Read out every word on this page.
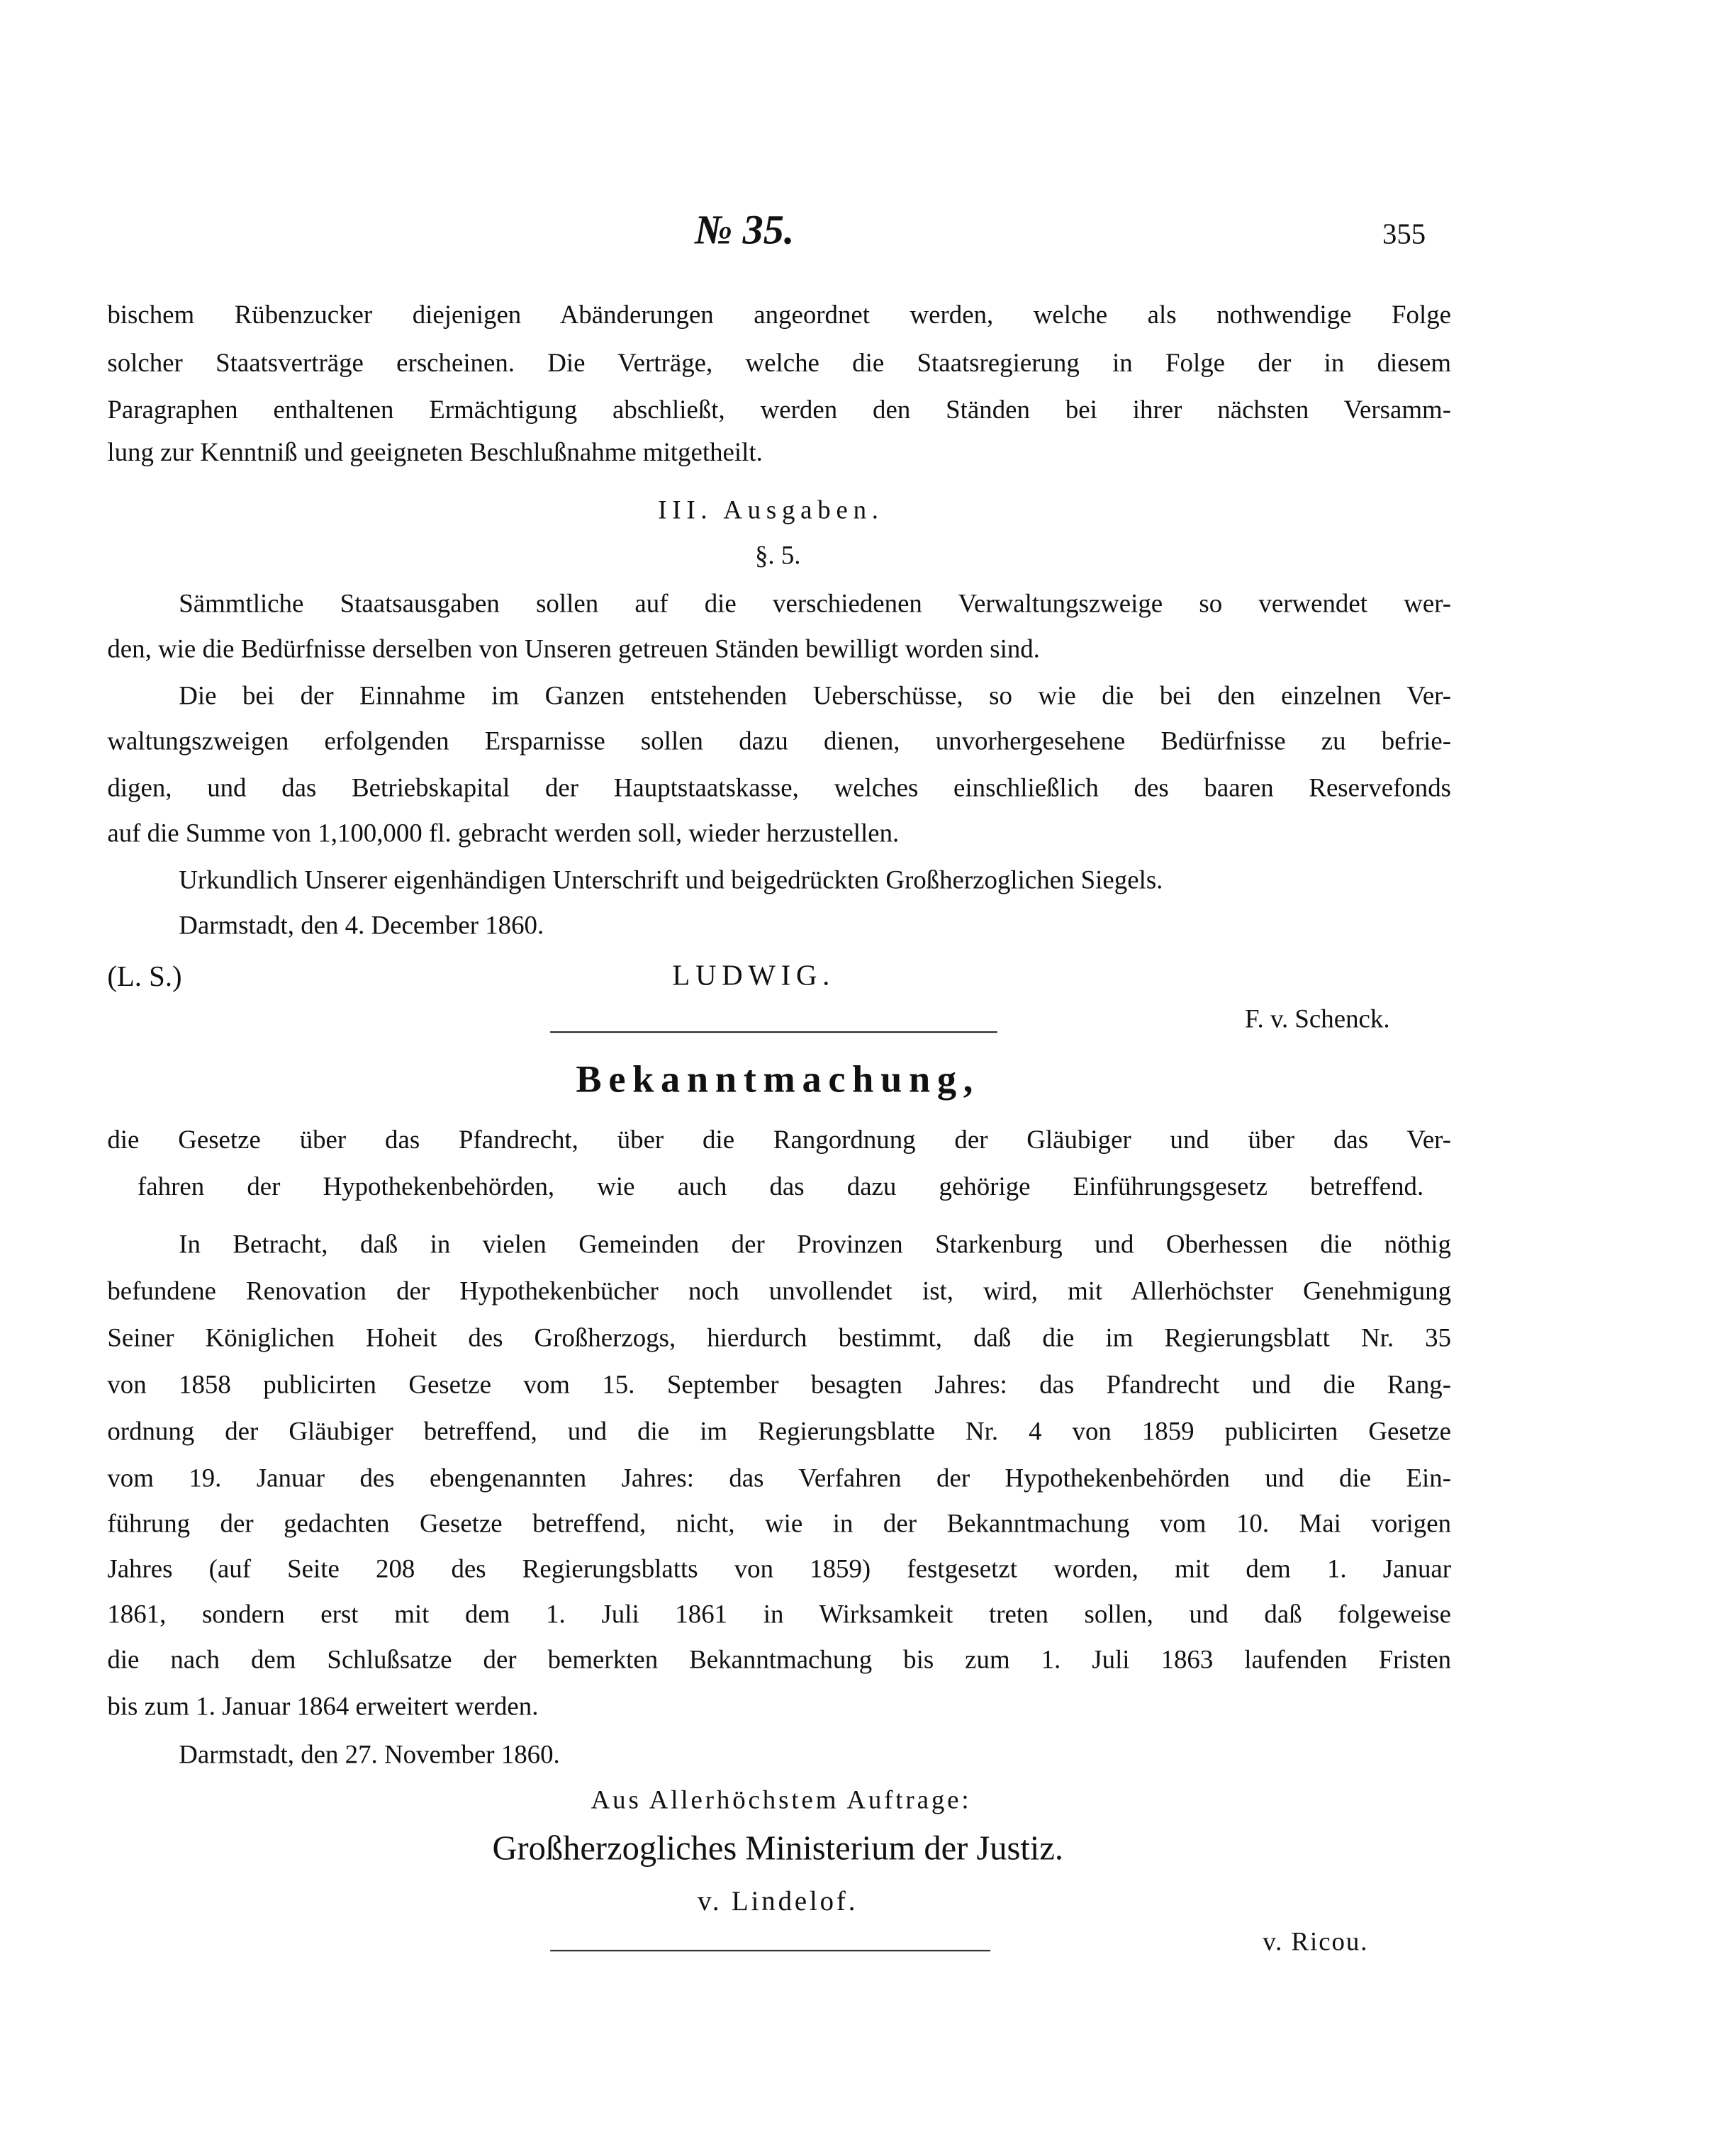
№ 35.	355
bischem Rübenzucker diejenigen Abänderungen angeordnet werden, welche als nothwendige Folge
solcher Staatsverträge erscheinen. Die Verträge, welche die Staatsregierung in Folge der in diesem
Paragraphen enthaltenen Ermächtigung abschließt, werden den Ständen bei ihrer nächsten Versamm-
lung zur Kenntniß und geeigneten Beschlußnahme mitgetheilt.
III. Ausgaben.
§. 5.
Sämmtliche Staatsausgaben sollen auf die verschiedenen Verwaltungszweige so verwendet wer-
den, wie die Bedürfnisse derselben von Unseren getreuen Ständen bewilligt worden sind.
Die bei der Einnahme im Ganzen entstehenden Ueberschüsse, so wie die bei den einzelnen Ver-
waltungszweigen erfolgenden Ersparnisse sollen dazu dienen, unvorhergesehene Bedürfnisse zu befrie-
digen, und das Betriebskapital der Hauptstaatskasse, welches einschließlich des baaren Reservefonds
auf die Summe von 1,100,000 fl. gebracht werden soll, wieder herzustellen.
Urkundlich Unserer eigenhändigen Unterschrift und beigedrückten Großherzoglichen Siegels.
Darmstadt, den 4. December 1860.
(L. S.)	LUDWIG.
F. v. Schenck.
Bekanntmachung,
die Gesetze über das Pfandrecht, über die Rangordnung der Gläubiger und über das Ver-
fahren der Hypothekenbehörden, wie auch das dazu gehörige Einführungsgesetz betreffend.
In Betracht, daß in vielen Gemeinden der Provinzen Starkenburg und Oberhessen die nöthig
befundene Renovation der Hypothekenbücher noch unvollendet ist, wird, mit Allerhöchster Genehmigung
Seiner Königlichen Hoheit des Großherzogs, hierdurch bestimmt, daß die im Regierungsblatt Nr. 35
von 1858 publicirten Gesetze vom 15. September besagten Jahres: das Pfandrecht und die Rang-
ordnung der Gläubiger betreffend, und die im Regierungsblatte Nr. 4 von 1859 publicirten Gesetze
vom 19. Januar des ebengenannten Jahres: das Verfahren der Hypothekenbehörden und die Ein-
führung der gedachten Gesetze betreffend, nicht, wie in der Bekanntmachung vom 10. Mai vorigen
Jahres (auf Seite 208 des Regierungsblatts von 1859) festgesetzt worden, mit dem 1. Januar
1861, sondern erst mit dem 1. Juli 1861 in Wirksamkeit treten sollen, und daß folgeweise
die nach dem Schlußsatze der bemerkten Bekanntmachung bis zum 1. Juli 1863 laufenden Fristen
bis zum 1. Januar 1864 erweitert werden.
Darmstadt, den 27. November 1860.
Aus Allerhöchstem Auftrage:
Großherzogliches Ministerium der Justiz.
v. Lindelof.
v. Ricou.
